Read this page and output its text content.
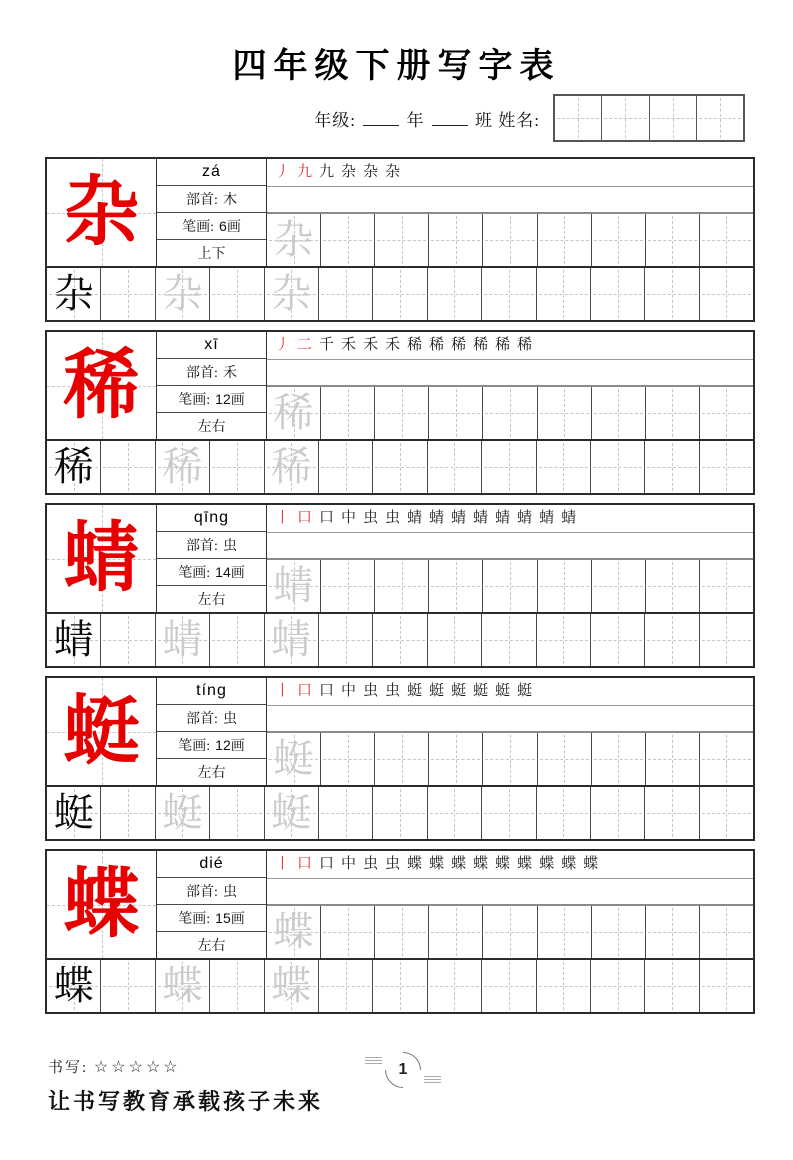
四年级下册写字表
年级:	年	班 姓名:
杂	zá
部首: 木
笔画: 6画
上下
丿 九 九 杂 杂 杂
杂
杂 杂 杂
稀	xī
部首: 禾
笔画: 12画
左右
丿 二 千 禾 禾 禾 稀 稀 稀 稀 稀 稀
稀
稀 稀 稀
蜻	qīng
部首: 虫
笔画: 14画
左右
丨 口 口 中 虫 虫 蜻 蜻 蜻 蜻 蜻 蜻 蜻 蜻
蜻
蜻 蜻 蜻
蜓	tíng
部首: 虫
笔画: 12画
左右
丨 口 口 中 虫 虫 蜓 蜓 蜓 蜓 蜓 蜓
蜓
蜓 蜓 蜓
蝶	dié
部首: 虫
笔画: 15画
左右
丨 口 口 中 虫 虫 蝶 蝶 蝶 蝶 蝶 蝶 蝶 蝶 蝶
蝶
蝶 蝶 蝶
书写: ☆☆☆☆☆	1
让书写教育承载孩子未来
